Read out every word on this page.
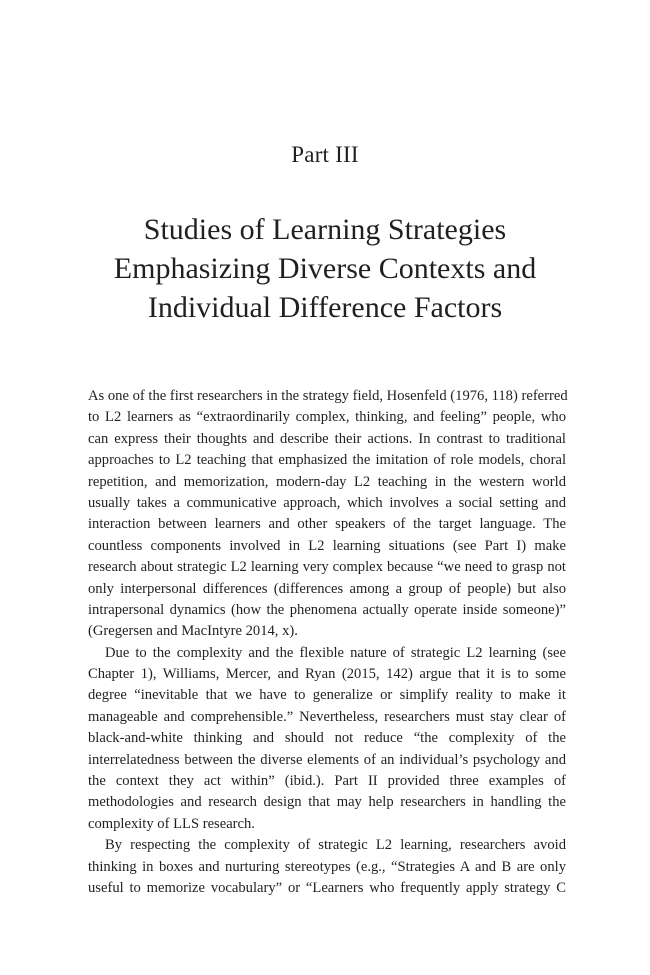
Part III
Studies of Learning Strategies
Emphasizing Diverse Contexts and
Individual Difference Factors
As one of the first researchers in the strategy field, Hosenfeld (1976, 118) referred
to L2 learners as “extraordinarily complex, thinking, and feeling” people, who
can express their thoughts and describe their actions. In contrast to traditional
approaches to L2 teaching that emphasized the imitation of role models, choral
repetition, and memorization, modern-day L2 teaching in the western world
usually takes a communicative approach, which involves a social setting and
interaction between learners and other speakers of the target language. The
countless components involved in L2 learning situations (see Part I) make
research about strategic L2 learning very complex because “we need to grasp not
only interpersonal differences (differences among a group of people) but also
intrapersonal dynamics (how the phenomena actually operate inside someone)”
(Gregersen and MacIntyre 2014, x).
Due to the complexity and the flexible nature of strategic L2 learning (see
Chapter 1), Williams, Mercer, and Ryan (2015, 142) argue that it is to some
degree “inevitable that we have to generalize or simplify reality to make it
manageable and comprehensible.” Nevertheless, researchers must stay clear of
black-and-white thinking and should not reduce “the complexity of the
interrelatedness between the diverse elements of an individual’s psychology and
the context they act within” (ibid.). Part II provided three examples of
methodologies and research design that may help researchers in handling the
complexity of LLS research.
By respecting the complexity of strategic L2 learning, researchers avoid
thinking in boxes and nurturing stereotypes (e.g., “Strategies A and B are only
useful to memorize vocabulary” or “Learners who frequently apply strategy C
